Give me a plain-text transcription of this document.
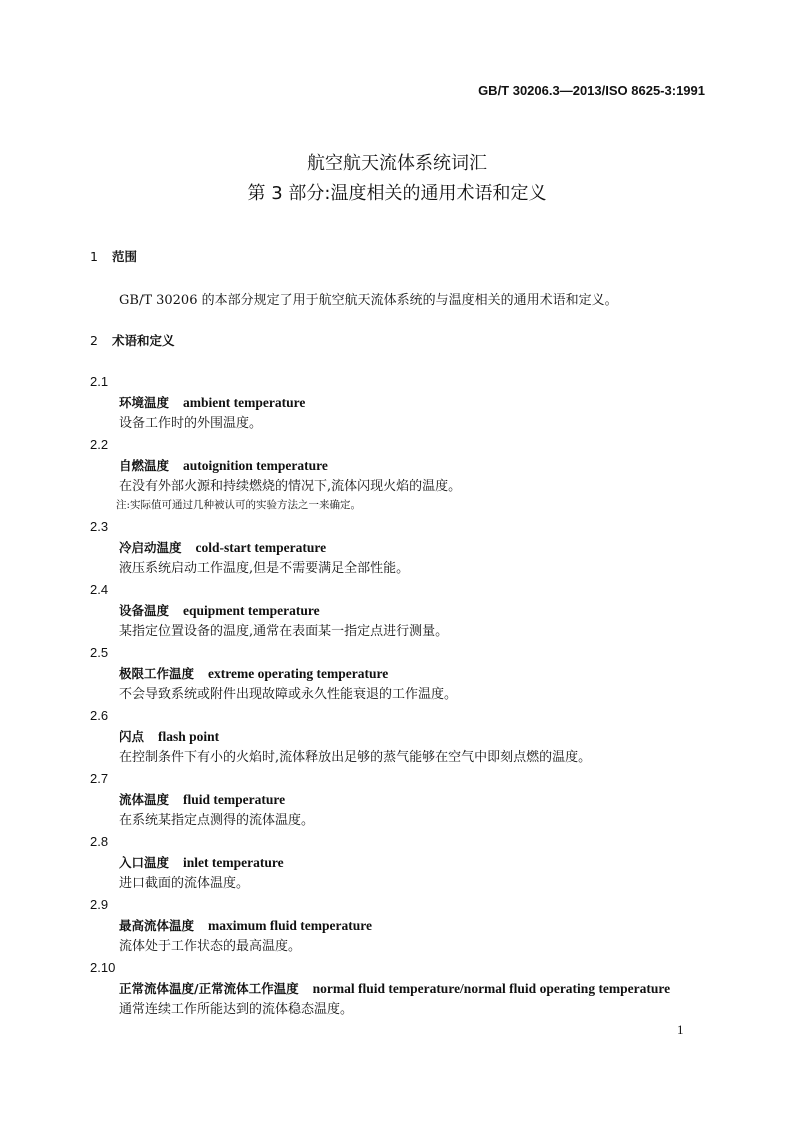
GB/T 30206.3—2013/ISO 8625-3:1991
航空航天流体系统词汇
第 3 部分:温度相关的通用术语和定义
1 范围
GB/T 30206 的本部分规定了用于航空航天流体系统的与温度相关的通用术语和定义。
2 术语和定义
2.1
环境温度 ambient temperature
设备工作时的外围温度。
2.2
自燃温度 autoignition temperature
在没有外部火源和持续燃烧的情况下,流体闪现火焰的温度。
注:实际值可通过几种被认可的实验方法之一来确定。
2.3
冷启动温度 cold-start temperature
液压系统启动工作温度,但是不需要满足全部性能。
2.4
设备温度 equipment temperature
某指定位置设备的温度,通常在表面某一指定点进行测量。
2.5
极限工作温度 extreme operating temperature
不会导致系统或附件出现故障或永久性能衰退的工作温度。
2.6
闪点 flash point
在控制条件下有小的火焰时,流体释放出足够的蒸气能够在空气中即刻点燃的温度。
2.7
流体温度 fluid temperature
在系统某指定点测得的流体温度。
2.8
入口温度 inlet temperature
进口截面的流体温度。
2.9
最高流体温度 maximum fluid temperature
流体处于工作状态的最高温度。
2.10
正常流体温度/正常流体工作温度 normal fluid temperature/normal fluid operating temperature
通常连续工作所能达到的流体稳态温度。
1
